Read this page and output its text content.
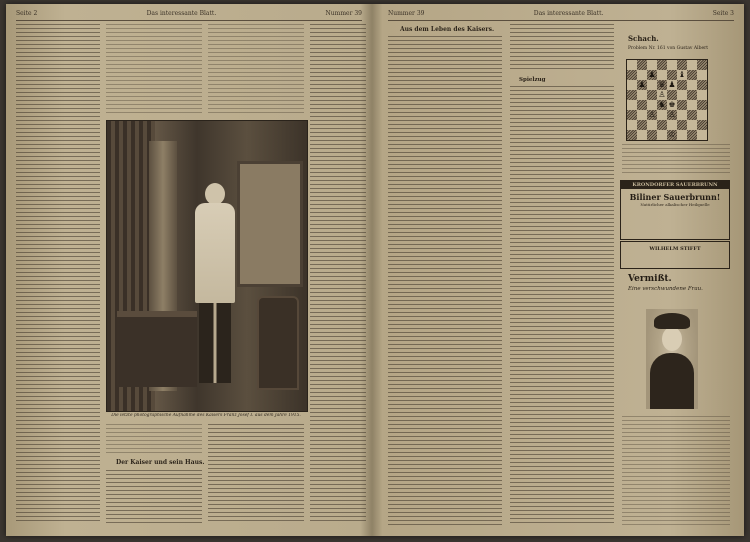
Seite 2	Das interessante Blatt.	Nummer 39
Die letzte photographische Aufnahme des Kaisers Franz Josef I. aus dem Jahre 1915.
Der Kaiser und sein Haus.
Nummer 39	Das interessante Blatt.	Seite 3
Aus dem Leben des Kaisers.
Spielzug
Schach.
Problem Nr. 161 von Gustav Albert
♟	♝
♟ ♛ ♟
♙
♞ ♚
♙ ♙
♔
KRONDORFER SAUERBRUNN
Biliner Sauerbrunn!
Natürlicher alkalischer Heilquelle
WILHELM STIFFT
Vermißt.
Eine verschwundene Frau.
